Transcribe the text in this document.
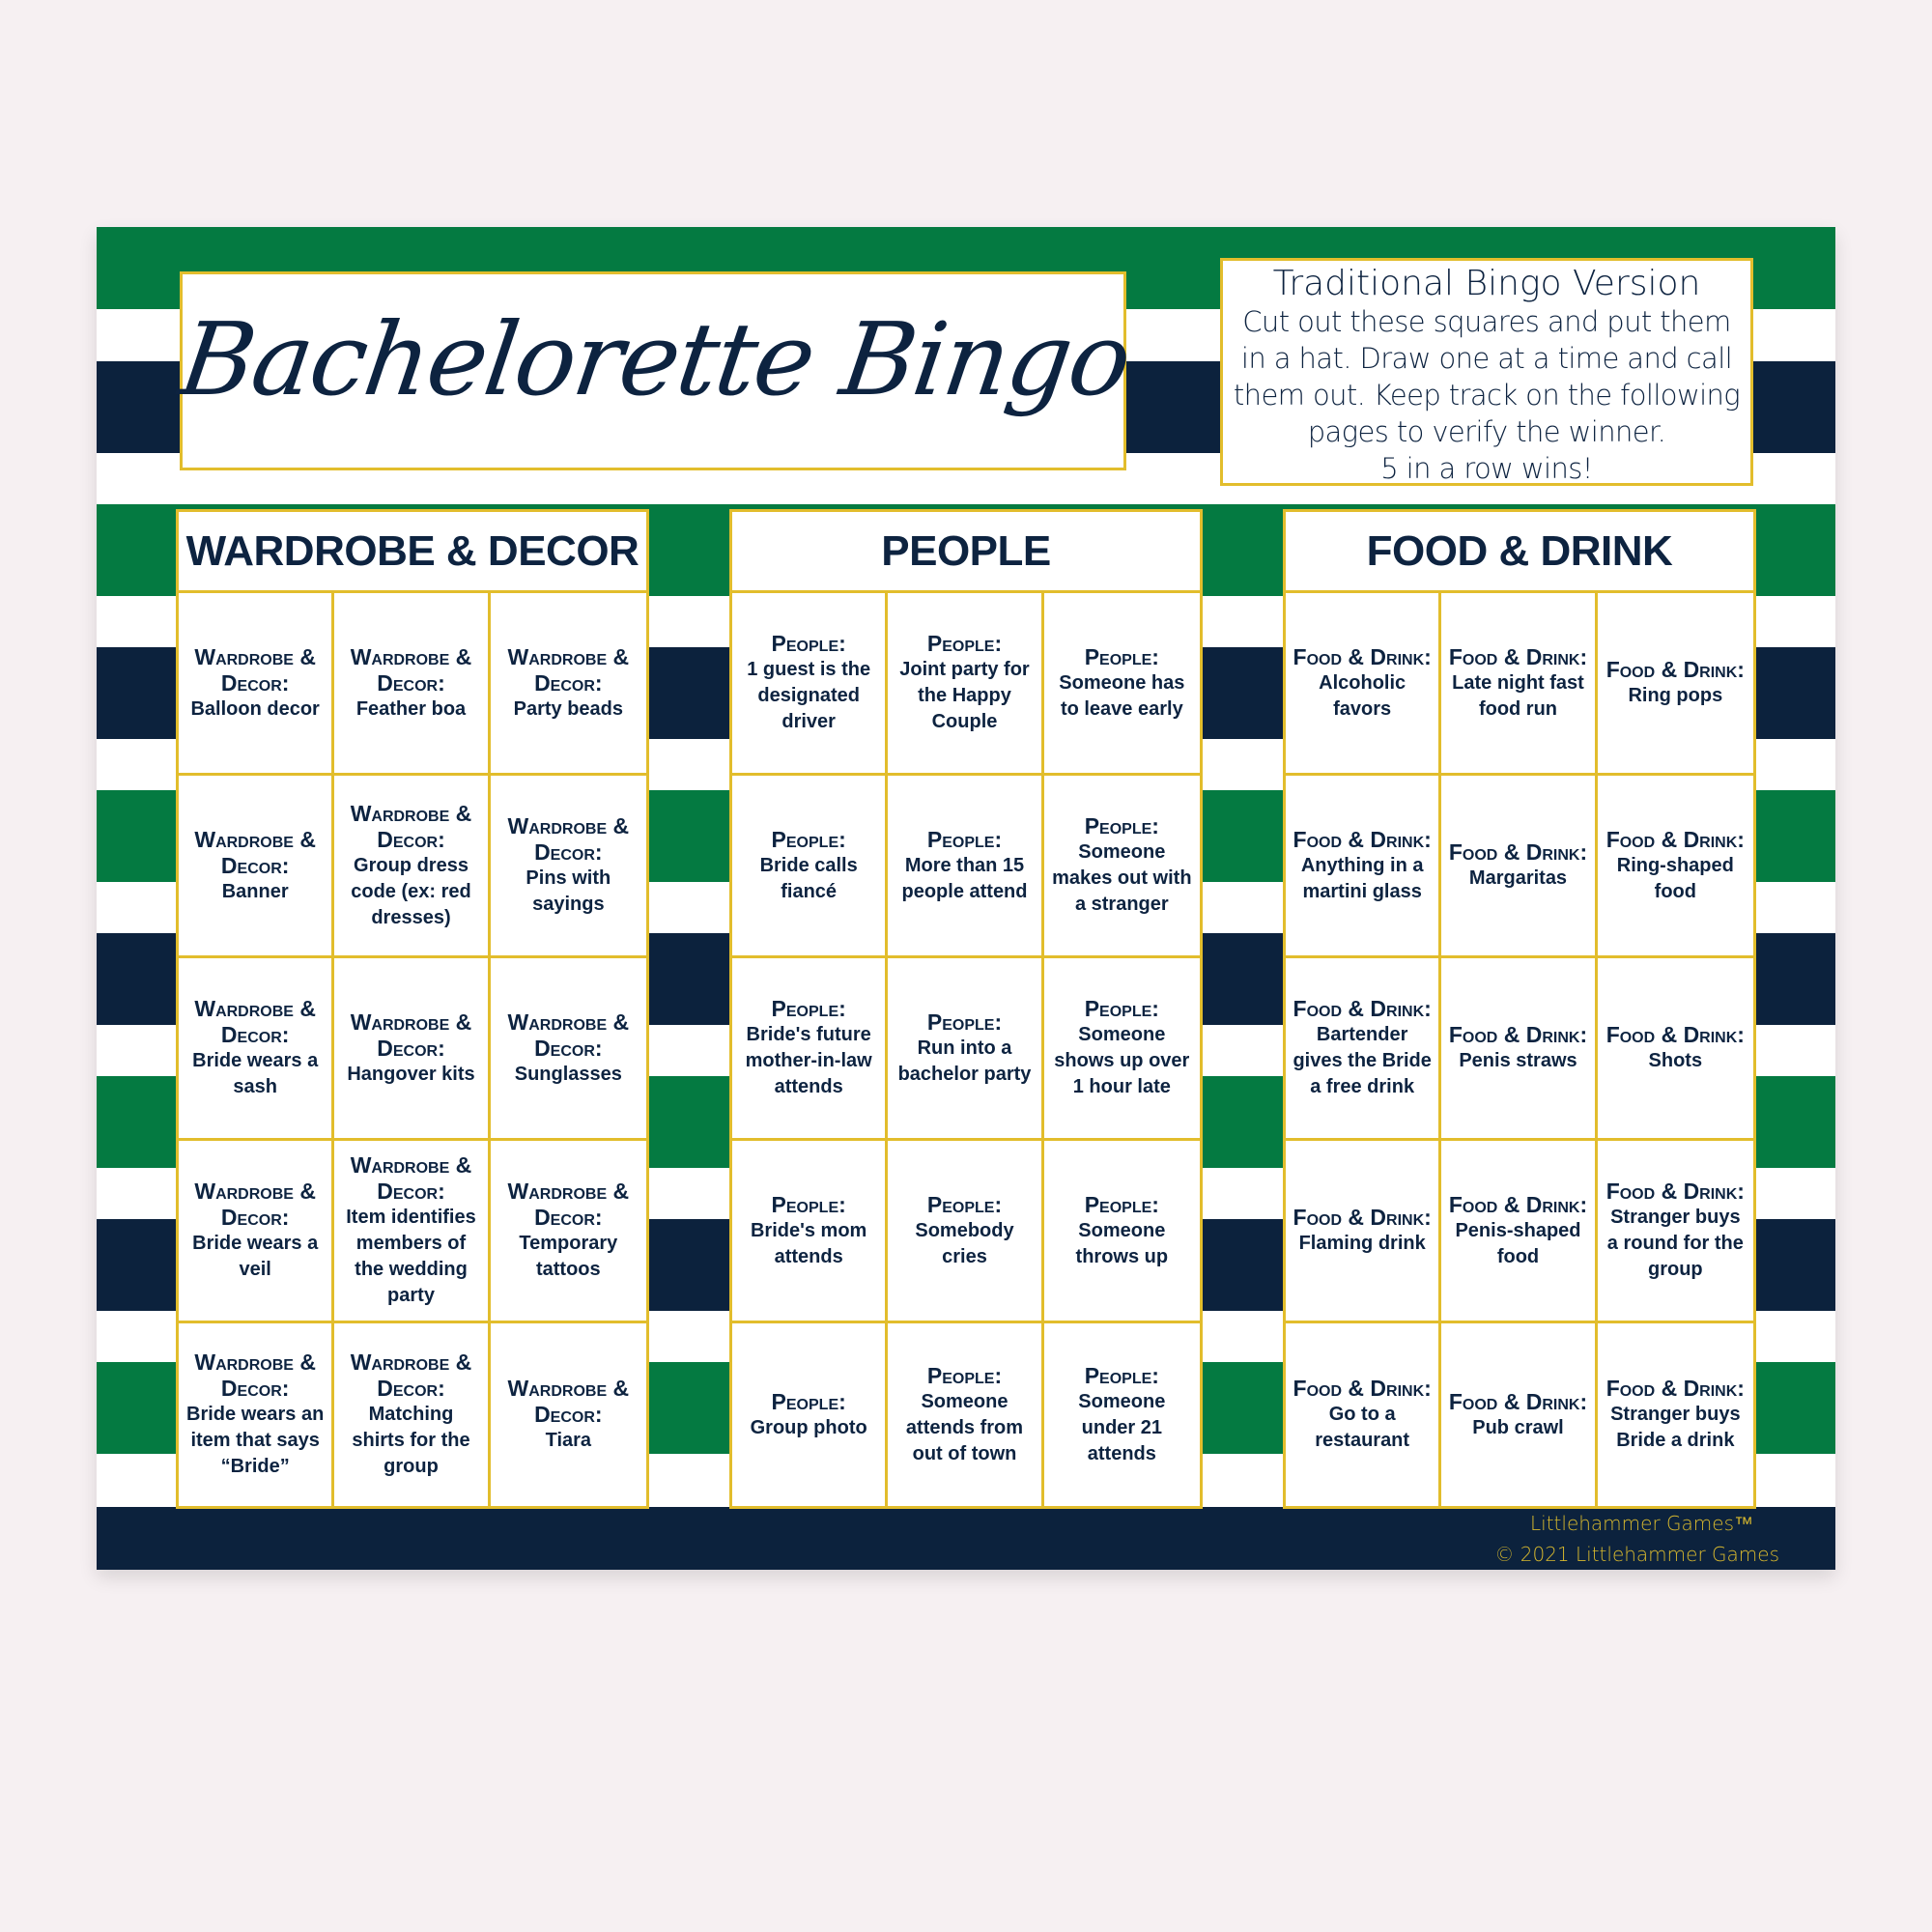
Littlehammer Games™
© 2021 Littlehammer Games
Bachelorette Bingo
Traditional Bingo Version
Cut out these squares and put them
in a hat. Draw one at a time and call
them out. Keep track on the following
pages to verify the winner.
5 in a row wins!
WARDROBE & DECOR
Wardrobe & Decor:
Balloon decor
Wardrobe & Decor:
Feather boa
Wardrobe & Decor:
Party beads
Wardrobe & Decor:
Banner
Wardrobe & Decor:
Group dress code (ex: red dresses)
Wardrobe & Decor:
Pins with sayings
Wardrobe & Decor:
Bride wears a sash
Wardrobe & Decor:
Hangover kits
Wardrobe & Decor:
Sunglasses
Wardrobe & Decor:
Bride wears a veil
Wardrobe & Decor:
Item identifies members of the wedding party
Wardrobe & Decor:
Temporary tattoos
Wardrobe & Decor:
Bride wears an item that says “Bride”
Wardrobe & Decor:
Matching shirts for the group
Wardrobe & Decor:
Tiara
PEOPLE
People:
1 guest is the designated driver
People:
Joint party for the Happy Couple
People:
Someone has to leave early
People:
Bride calls fiancé
People:
More than 15 people attend
People:
Someone makes out with a stranger
People:
Bride's future mother-in-law attends
People:
Run into a bachelor party
People:
Someone shows up over 1 hour late
People:
Bride's mom attends
People:
Somebody cries
People:
Someone throws up
People:
Group photo
People:
Someone attends from out of town
People:
Someone under 21 attends
FOOD & DRINK
Food & Drink:
Alcoholic favors
Food & Drink:
Late night fast food run
Food & Drink:
Ring pops
Food & Drink:
Anything in a martini glass
Food & Drink:
Margaritas
Food & Drink:
Ring-shaped food
Food & Drink:
Bartender gives the Bride a free drink
Food & Drink:
Penis straws
Food & Drink:
Shots
Food & Drink:
Flaming drink
Food & Drink:
Penis-shaped food
Food & Drink:
Stranger buys a round for the group
Food & Drink:
Go to a restaurant
Food & Drink:
Pub crawl
Food & Drink:
Stranger buys Bride a drink
